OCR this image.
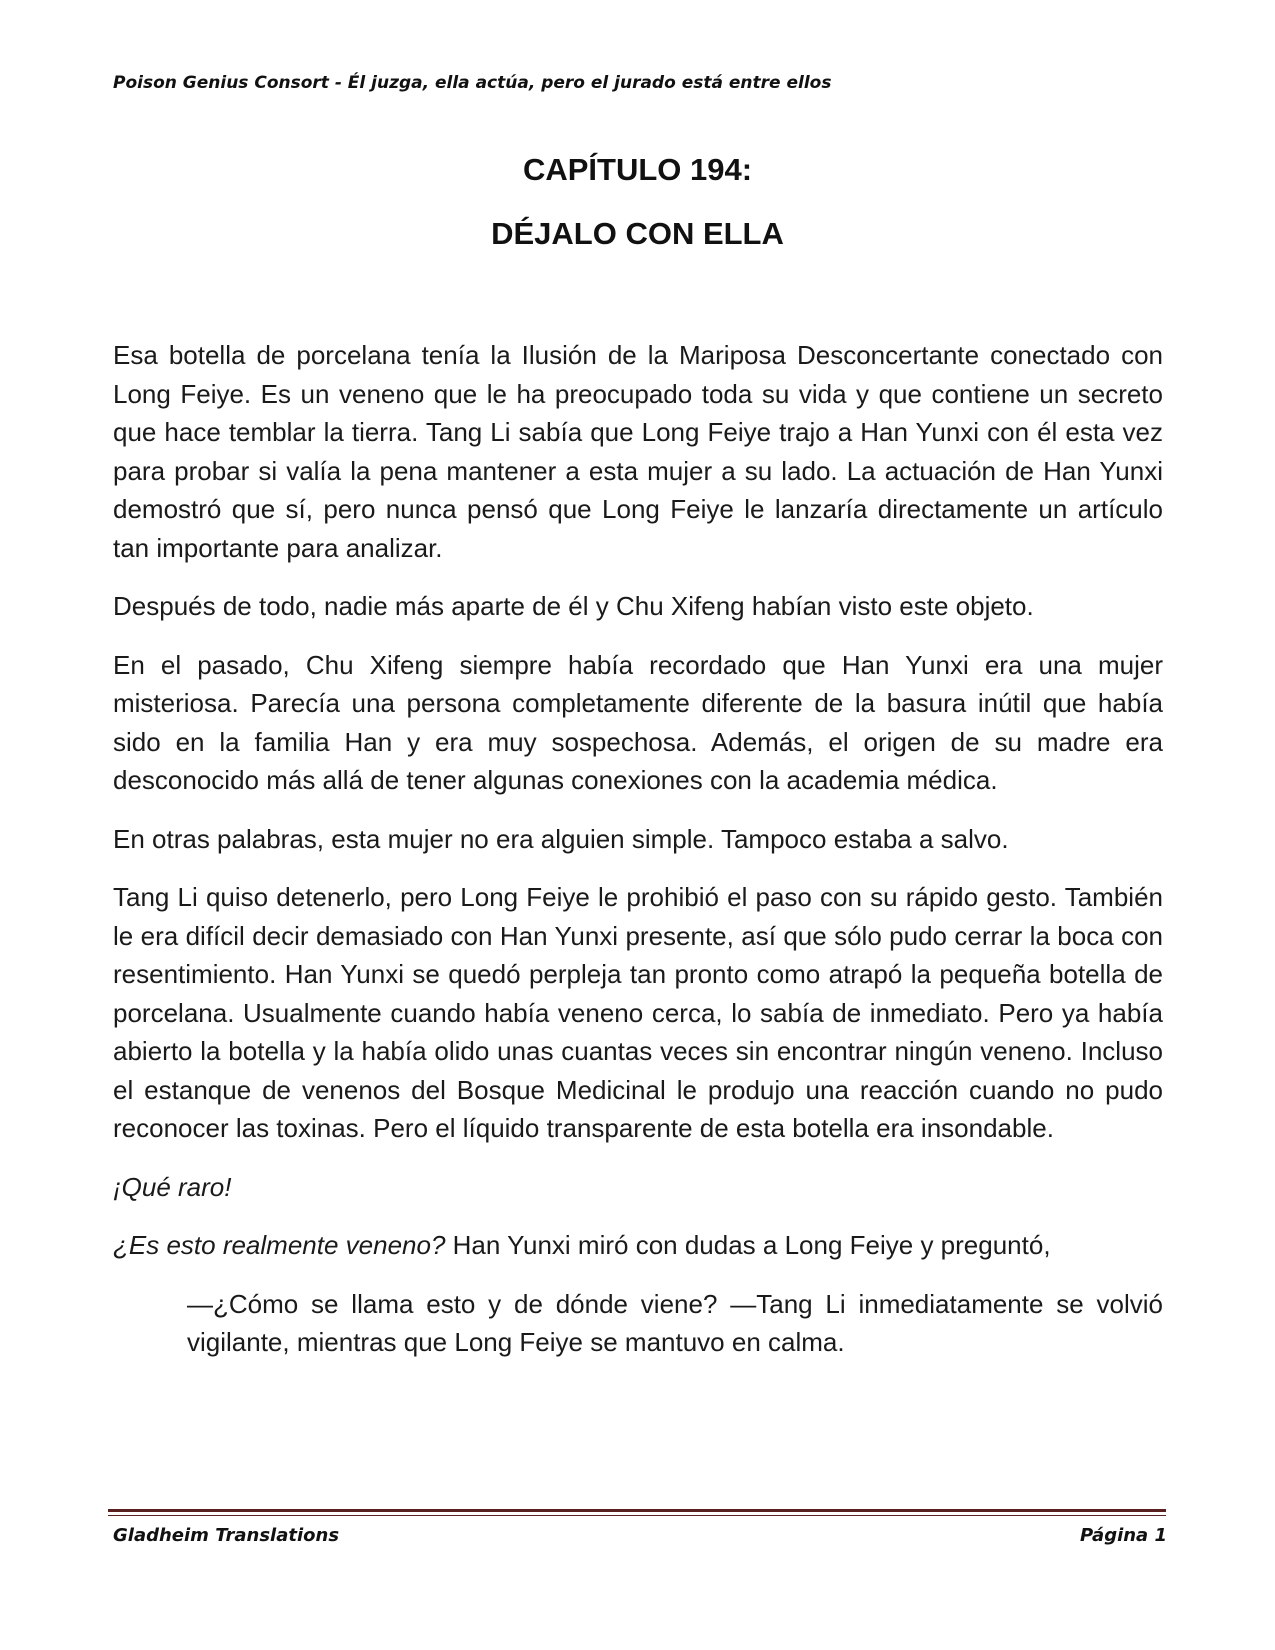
Poison Genius Consort - Él juzga, ella actúa, pero el jurado está entre ellos
CAPÍTULO 194:
DÉJALO CON ELLA

Esa botella de porcelana tenía la Ilusión de la Mariposa Desconcertante conectado con Long Feiye. Es un veneno que le ha preocupado toda su vida y que contiene un secreto que hace temblar la tierra. Tang Li sabía que Long Feiye trajo a Han Yunxi con él esta vez para probar si valía la pena mantener a esta mujer a su lado. La actuación de Han Yunxi demostró que sí, pero nunca pensó que Long Feiye le lanzaría directamente un artículo tan importante para analizar.

Después de todo, nadie más aparte de él y Chu Xifeng habían visto este objeto.

En el pasado, Chu Xifeng siempre había recordado que Han Yunxi era una mujer misteriosa. Parecía una persona completamente diferente de la basura inútil que había sido en la familia Han y era muy sospechosa. Además, el origen de su madre era desconocido más allá de tener algunas conexiones con la academia médica.

En otras palabras, esta mujer no era alguien simple. Tampoco estaba a salvo.

Tang Li quiso detenerlo, pero Long Feiye le prohibió el paso con su rápido gesto. También le era difícil decir demasiado con Han Yunxi presente, así que sólo pudo cerrar la boca con resentimiento. Han Yunxi se quedó perpleja tan pronto como atrapó la pequeña botella de porcelana. Usualmente cuando había veneno cerca, lo sabía de inmediato. Pero ya había abierto la botella y la había olido unas cuantas veces sin encontrar ningún veneno. Incluso el estanque de venenos del Bosque Medicinal le produjo una reacción cuando no pudo reconocer las toxinas. Pero el líquido transparente de esta botella era insondable.

¡Qué raro!

¿Es esto realmente veneno? Han Yunxi miró con dudas a Long Feiye y preguntó,

—¿Cómo se llama esto y de dónde viene? —Tang Li inmediatamente se volvió vigilante, mientras que Long Feiye se mantuvo en calma.

Gladheim Translations	Página 1
